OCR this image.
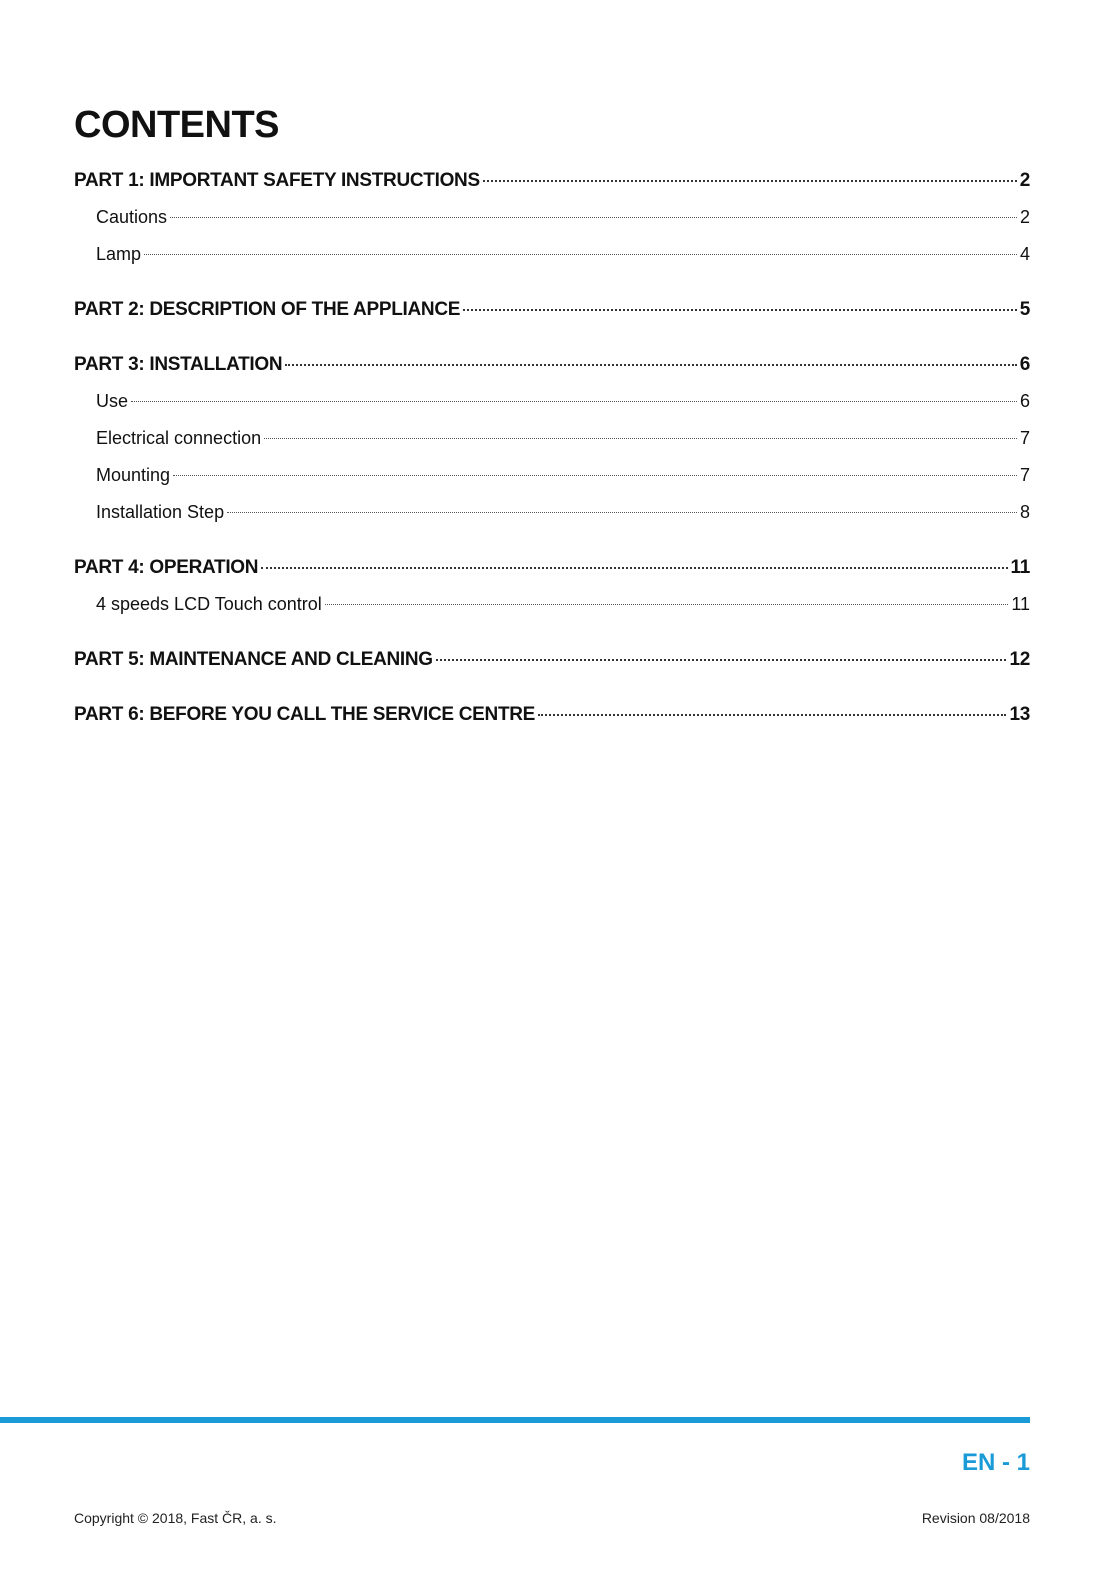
CONTENTS
PART 1: IMPORTANT SAFETY INSTRUCTIONS	2
Cautions	2
Lamp	4
PART 2: DESCRIPTION OF THE APPLIANCE	5
PART 3: INSTALLATION	6
Use	6
Electrical connection	7
Mounting	7
Installation Step	8
PART 4: OPERATION	11
4 speeds LCD Touch control	11
PART 5: MAINTENANCE AND CLEANING	12
PART 6: BEFORE YOU CALL THE SERVICE CENTRE	13
EN - 1
Copyright © 2018, Fast ČR, a. s.	Revision 08/2018
